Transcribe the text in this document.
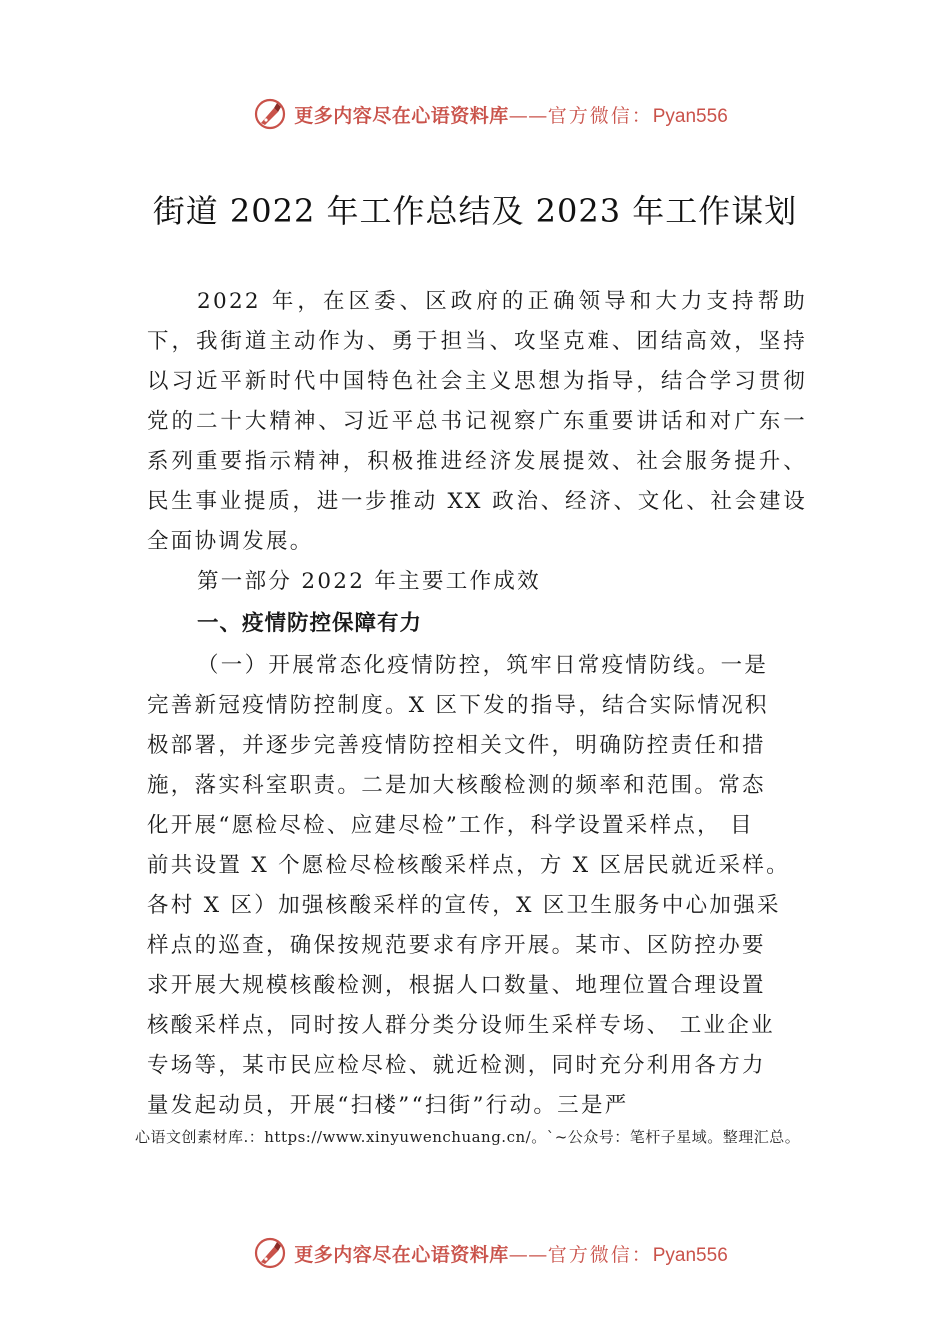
更多内容尽在心语资料库——官方微信：Pyan556
街道 2022 年工作总结及 2023 年工作谋划
2022 年，在区委、区政府的正确领导和大力支持帮助下，我街道主动作为、勇于担当、攻坚克难、团结高效，坚持以习近平新时代中国特色社会主义思想为指导，结合学习贯彻党的二十大精神、习近平总书记视察广东重要讲话和对广东一系列重要指示精神，积极推进经济发展提效、社会服务提升、民生事业提质，进一步推动 XX 政治、经济、文化、社会建设全面协调发展。
第一部分 2022 年主要工作成效
一、疫情防控保障有力
（一）开展常态化疫情防控，筑牢日常疫情防线。一是
完善新冠疫情防控制度。X 区下发的指导，结合实际情况积
极部署，并逐步完善疫情防控相关文件，明确防控责任和措
施，落实科室职责。二是加大核酸检测的频率和范围。常态
化开展“愿检尽检、应建尽检”工作，科学设置采样点， 目
前共设置 X 个愿检尽检核酸采样点，方 X 区居民就近采样。
各村 X 区）加强核酸采样的宣传，X 区卫生服务中心加强采
样点的巡查，确保按规范要求有序开展。某市、区防控办要
求开展大规模核酸检测，根据人口数量、地理位置合理设置
核酸采样点，同时按人群分类分设师生采样专场、 工业企业
专场等，某市民应检尽检、就近检测，同时充分利用各方力
量发起动员，开展“扫楼”“扫街”行动。三是严
心语文创素材库.：https://www.xinyuwenchuang.cn/。`~公众号：笔杆子星域。整理汇总。
更多内容尽在心语资料库——官方微信：Pyan556
